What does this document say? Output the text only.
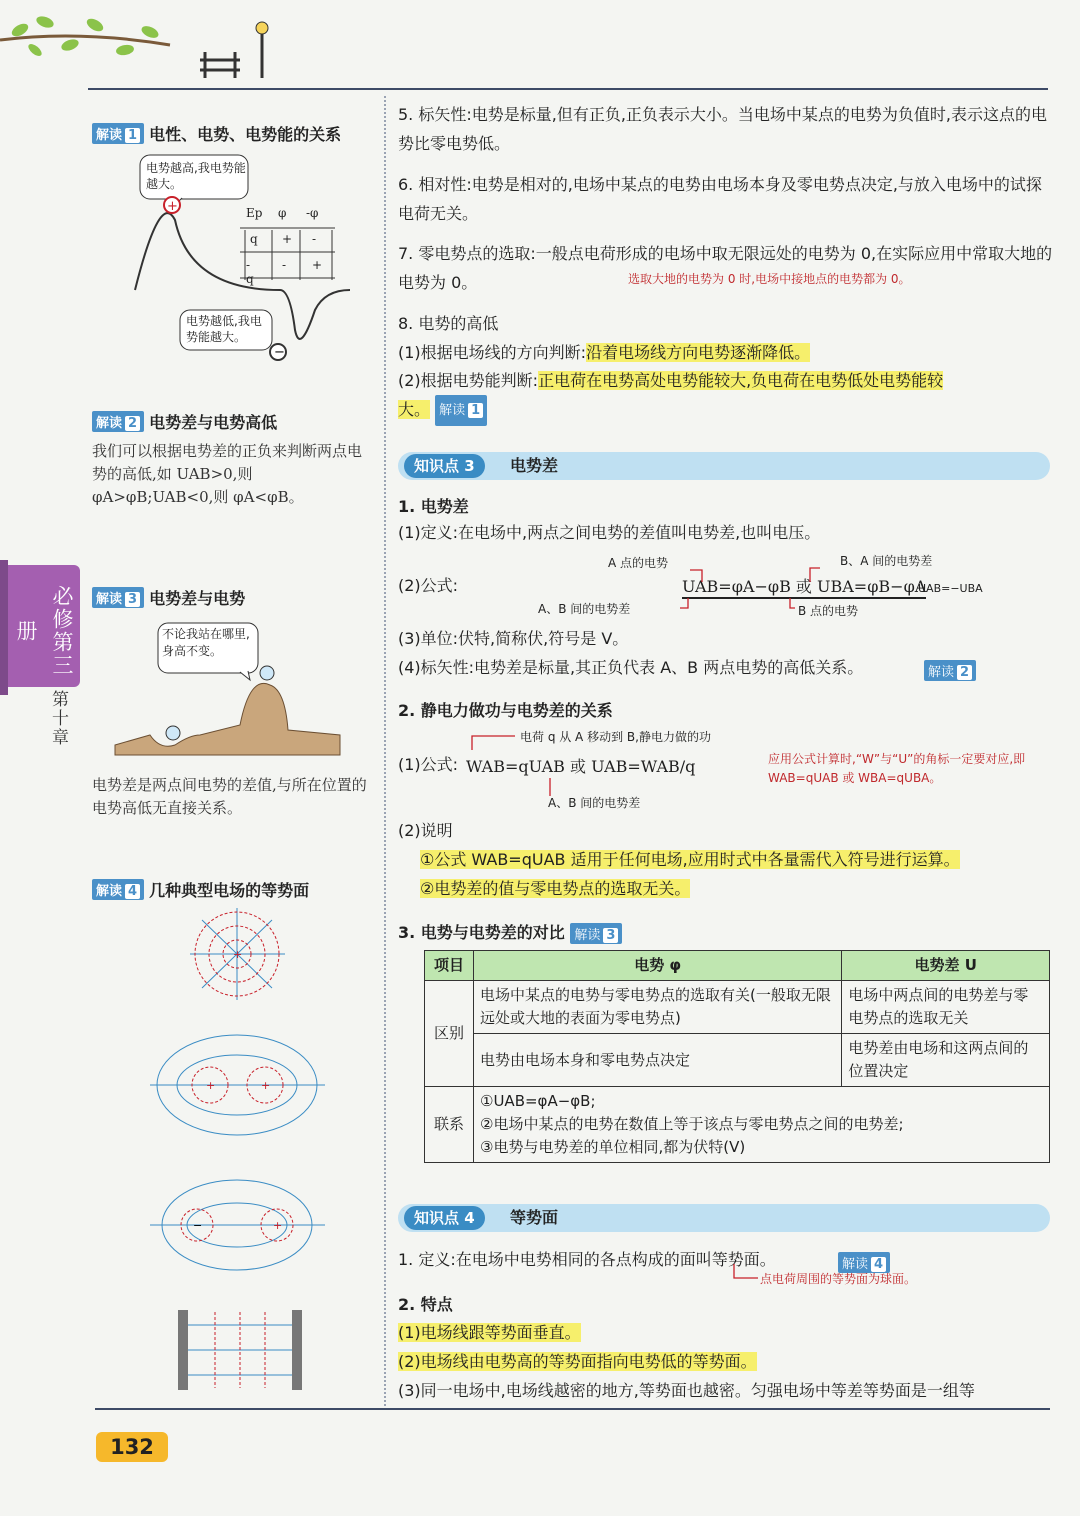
必修第三册
第十章
解读 1 电性、电势、电势能的关系
+
−
电势越高,我电势能越大。
电势越低,我电势能越大。
Ep φ -φ
q + -
-q
- +
解读 2 电势差与电势高低
我们可以根据电势差的正负来判断两点电势的高低,如 UAB>0,则 φA>φB;UAB<0,则 φA<φB。
解读 3 电势差与电势
不论我站在哪里,身高不变。
电势差是两点间电势的差值,与所在位置的电势高低无直接关系。
解读 4 几种典型电场的等势面
+
+	+
−	+
5. 标矢性:电势是标量,但有正负,正负表示大小。当电场中某点的电势为负值时,表示这点的电势比零电势低。
6. 相对性:电势是相对的,电场中某点的电势由电场本身及零电势点决定,与放入电场中的试探电荷无关。
7. 零电势点的选取:一般点电荷形成的电场中取无限远处的电势为 0,在实际应用中常取大地的电势为 0。	选取大地的电势为 0 时,电场中接地点的电势都为 0。
8. 电势的高低
(1)根据电场线的方向判断:沿着电场线方向电势逐渐降低。
(2)根据电势能判断:正电荷在电势高处电势能较大,负电荷在电势低处电势能较
大。 解读 1
知识点 3	电势差
1. 电势差
(1)定义:在电场中,两点之间电势的差值叫电势差,也叫电压。
A 点的电势	B、A 间的电势差
(2)公式:	UAB=φA−φB 或 UBA=φB−φA
UAB=−UBA
A、B 间的电势差	B 点的电势
(3)单位:伏特,简称伏,符号是 V。
(4)标矢性:电势差是标量,其正负代表 A、B 两点电势的高低关系。	解读 2
2. 静电力做功与电势差的关系
电荷 q 从 A 移动到 B,静电力做的功
(1)公式: WAB=qUAB 或 UAB=WAB/q
A、B 间的电势差
应用公式计算时,“W”与“U”的角标一定要对应,即 WAB=qUAB 或 WBA=qUBA。
(2)说明
①公式 WAB=qUAB 适用于任何电场,应用时式中各量需代入符号进行运算。
②电势差的值与零电势点的选取无关。
3. 电势与电势差的对比 解读 3
项目	电势 φ	电势差 U
区别	电场中某点的电势与零电势点的选取有关(一般取无限远处或大地的表面为零电势点)	电场中两点间的电势差与零电势点的选取无关
	电势由电场本身和零电势点决定	电势差由电场和这两点间的位置决定
联系	①UAB=φA−φB;
②电场中某点的电势在数值上等于该点与零电势点之间的电势差;
③电势与电势差的单位相同,都为伏特(V)	
知识点 4	等势面
1. 定义:在电场中电势相同的各点构成的面叫等势面。	解读 4
点电荷周围的等势面为球面。
2. 特点
(1)电场线跟等势面垂直。
(2)电场线由电势高的等势面指向电势低的等势面。
(3)同一电场中,电场线越密的地方,等势面也越密。匀强电场中等差等势面是一组等
132
